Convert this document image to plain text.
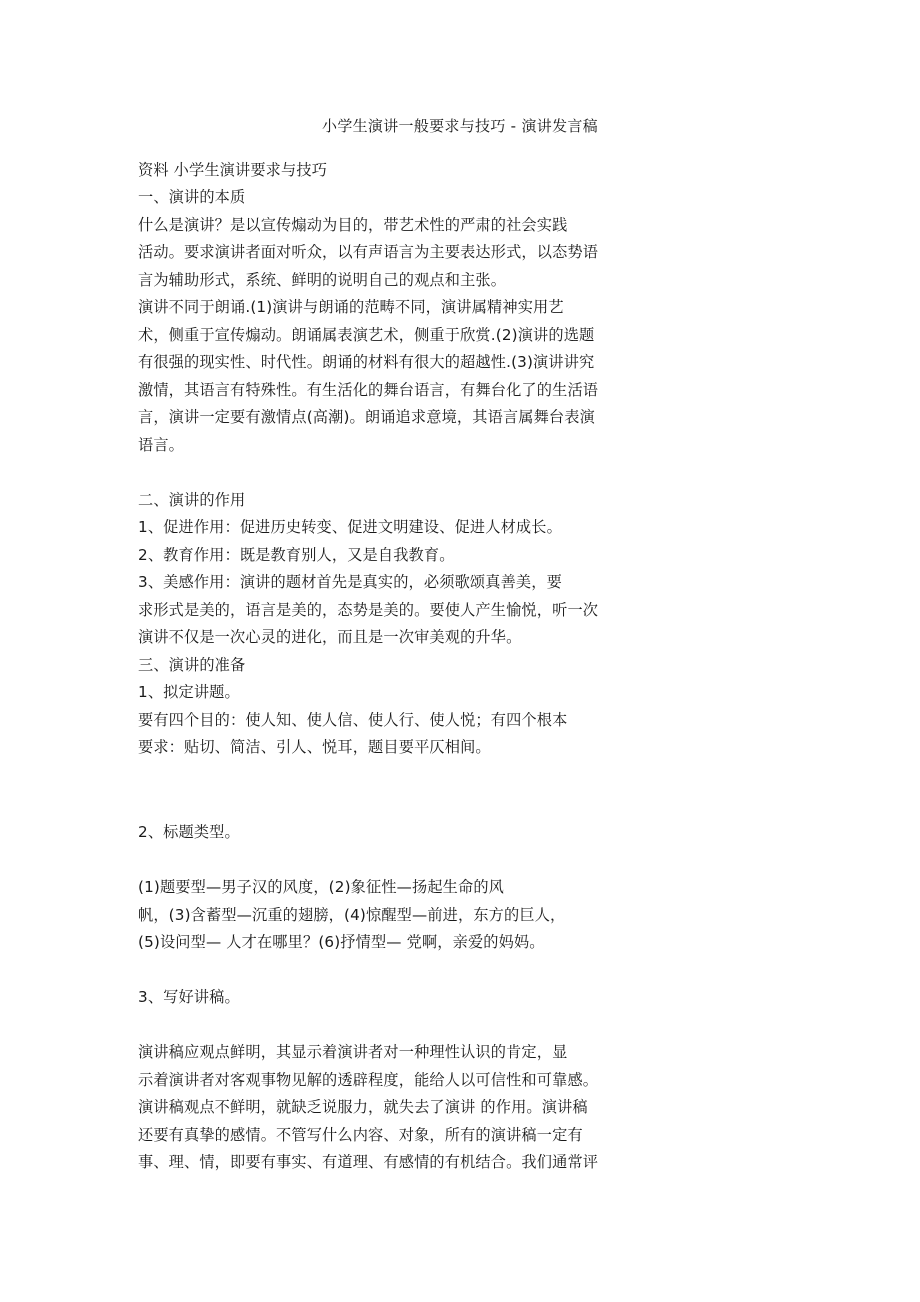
小学生演讲一般要求与技巧 - 演讲发言稿
资料 小学生演讲要求与技巧
一、演讲的本质
什么是演讲？是以宣传煽动为目的，带艺术性的严肃的社会实践
活动。要求演讲者面对听众，以有声语言为主要表达形式，以态势语
言为辅助形式，系统、鲜明的说明自己的观点和主张。
演讲不同于朗诵.(1)演讲与朗诵的范畴不同，演讲属精神实用艺
术，侧重于宣传煽动。朗诵属表演艺术，侧重于欣赏.(2)演讲的选题
有很强的现实性、时代性。朗诵的材料有很大的超越性.(3)演讲讲究
激情，其语言有特殊性。有生活化的舞台语言，有舞台化了的生活语
言，演讲一定要有激情点(高潮)。朗诵追求意境，其语言属舞台表演
语言。
二、演讲的作用
1、促进作用：促进历史转变、促进文明建设、促进人材成长。
2、教育作用：既是教育别人，又是自我教育。
3、美感作用：演讲的题材首先是真实的，必须歌颂真善美，要
求形式是美的，语言是美的，态势是美的。要使人产生愉悦，听一次
演讲不仅是一次心灵的进化，而且是一次审美观的升华。
三、演讲的准备
1、拟定讲题。
要有四个目的：使人知、使人信、使人行、使人悦；有四个根本
要求：贴切、简洁、引人、悦耳，题目要平仄相间。
2、标题类型。
(1)题要型—男子汉的风度，(2)象征性—扬起生命的风
帆，(3)含蓄型—沉重的翅膀，(4)惊醒型—前进，东方的巨人，
(5)设问型— 人才在哪里？(6)抒情型— 党啊，亲爱的妈妈。
3、写好讲稿。
演讲稿应观点鲜明，其显示着演讲者对一种理性认识的肯定，显
示着演讲者对客观事物见解的透辟程度，能给人以可信性和可靠感。
演讲稿观点不鲜明，就缺乏说服力，就失去了演讲 的作用。演讲稿
还要有真挚的感情。不管写什么内容、对象，所有的演讲稿一定有
事、理、情，即要有事实、有道理、有感情的有机结合。我们通常评
